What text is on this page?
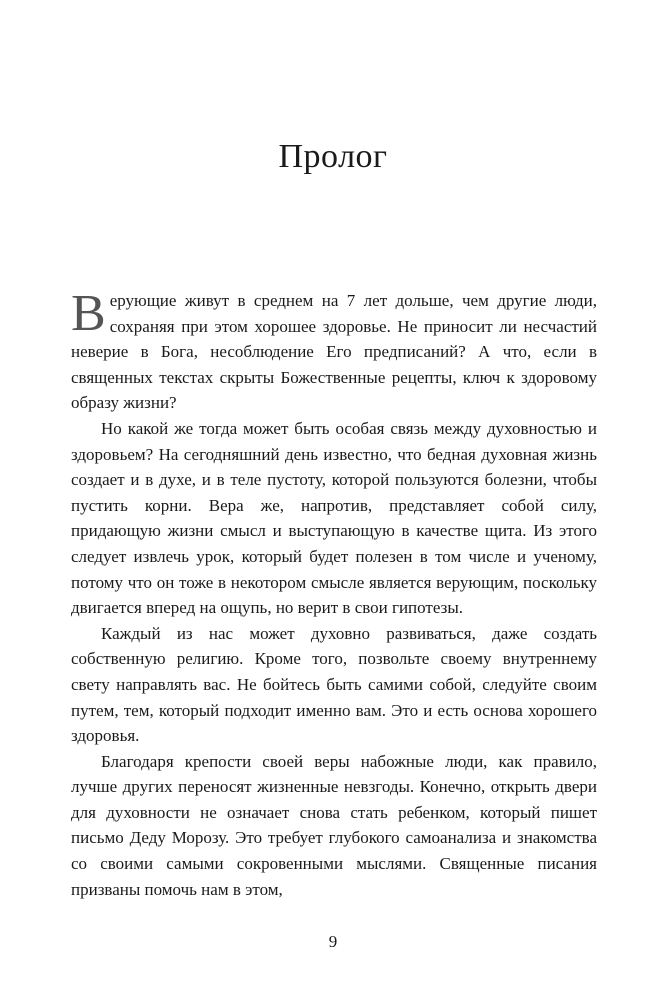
Пролог

Верующие живут в среднем на 7 лет дольше, чем другие люди, сохраняя при этом хорошее здоровье. Не приносит ли несчастий неверие в Бога, несоблюдение Его предписаний? А что, если в священных текстах скрыты Божественные рецепты, ключ к здоровому образу жизни?

Но какой же тогда может быть особая связь между духовностью и здоровьем? На сегодняшний день известно, что бедная духовная жизнь создает и в духе, и в теле пустоту, которой пользуются болезни, чтобы пустить корни. Вера же, напротив, представляет собой силу, придающую жизни смысл и выступающую в качестве щита. Из этого следует извлечь урок, который будет полезен в том числе и ученому, потому что он тоже в некотором смысле является верующим, поскольку двигается вперед на ощупь, но верит в свои гипотезы.

Каждый из нас может духовно развиваться, даже создать собственную религию. Кроме того, позвольте своему внутреннему свету направлять вас. Не бойтесь быть самими собой, следуйте своим путем, тем, который подходит именно вам. Это и есть основа хорошего здоровья.

Благодаря крепости своей веры набожные люди, как правило, лучше других переносят жизненные невзгоды. Конечно, открыть двери для духовности не означает снова стать ребенком, который пишет письмо Деду Морозу. Это требует глубокого самоанализа и знакомства со своими самыми сокровенными мыслями. Священные писания призваны помочь нам в этом,

9
